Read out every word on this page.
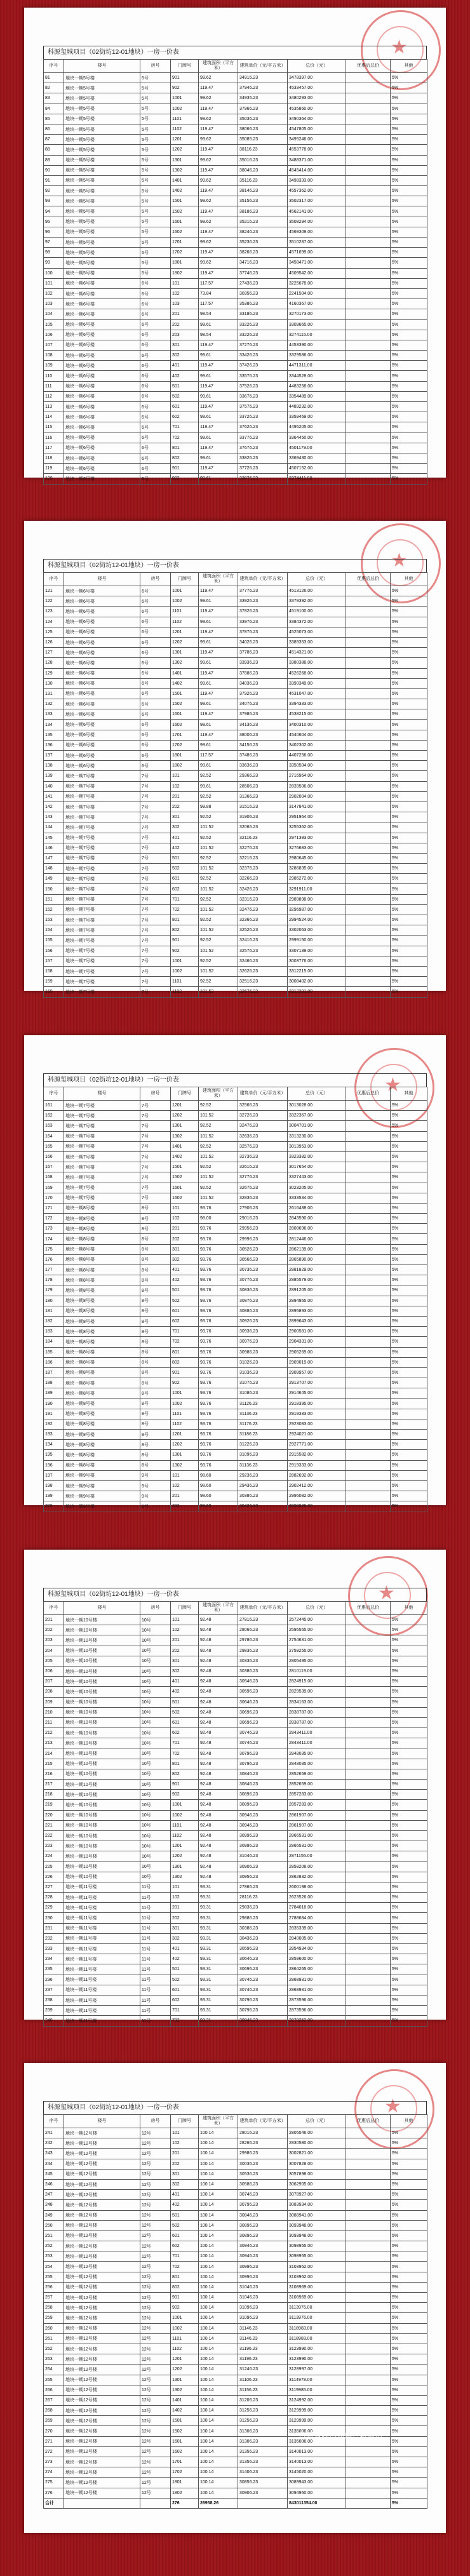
★
科源玺城项目（02街坊12-01地块）一房一价表
序号	楼号	房号	门牌号	建筑面积（平方米）	建筑单价（元/平方米）	总价（元）	优惠后总价	其他
81	地块一期5号楼	5号	901	99.62	34916.23	3478397.00		5%
82	地块一期5号楼	5号	902	119.47	37946.23	4533457.00		5%
83	地块一期5号楼	5号	1001	99.62	34935.23	3480293.00		5%
84	地块一期5号楼	5号	1002	119.47	37966.23	4535860.00		5%
85	地块一期5号楼	5号	1101	99.62	35036.23	3490364.00		5%
86	地块一期5号楼	5号	1102	119.47	38066.23	4547805.00		5%
87	地块一期5号楼	5号	1201	99.62	35085.23	3495246.00		5%
88	地块一期5号楼	5号	1202	119.47	38116.23	4553778.00		5%
89	地块一期5号楼	5号	1301	99.62	35016.23	3488371.00		5%
90	地块一期5号楼	5号	1302	119.47	38046.23	4545414.00		5%
91	地块一期5号楼	5号	1401	99.62	35116.23	3498333.00		5%
92	地块一期5号楼	5号	1402	119.47	38146.23	4557362.00		5%
93	地块一期5号楼	5号	1501	99.62	35156.23	3502317.00		5%
94	地块一期5号楼	5号	1502	119.47	38186.23	4562141.00		5%
95	地块一期5号楼	5号	1601	99.62	35216.23	3508294.00		5%
96	地块一期5号楼	5号	1602	119.47	38246.23	4569309.00		5%
97	地块一期5号楼	5号	1701	99.62	35236.23	3510287.00		5%
98	地块一期5号楼	5号	1702	119.47	38266.23	4571699.00		5%
99	地块一期5号楼	5号	1801	99.62	34716.23	3458471.00		5%
100	地块一期5号楼	5号	1802	119.47	37746.23	4509542.00		5%
101	地块一期6号楼	6号	101	117.57	27436.23	3225678.00		5%
102	地块一期6号楼	6号	102	73.84	30356.23	2241504.00		5%
103	地块一期6号楼	6号	103	117.57	35386.23	4160367.00		5%
104	地块一期6号楼	6号	201	98.54	33186.23	3270173.00		5%
105	地块一期6号楼	6号	202	99.61	33226.23	3309665.00		5%
106	地块一期6号楼	6号	203	98.54	33226.23	3274115.00		5%
107	地块一期6号楼	6号	301	119.47	37276.23	4453390.00		5%
108	地块一期6号楼	6号	302	99.61	33426.23	3329586.00		5%
109	地块一期6号楼	6号	401	119.47	37426.23	4471311.00		5%
110	地块一期6号楼	6号	402	99.61	33576.23	3344528.00		5%
111	地块一期6号楼	6号	501	119.47	37526.23	4483258.00		5%
112	地块一期6号楼	6号	502	99.61	33676.23	3354489.00		5%
113	地块一期6号楼	6号	601	119.47	37576.23	4489232.00		5%
114	地块一期6号楼	6号	602	99.61	33726.23	3359469.00		5%
115	地块一期6号楼	6号	701	119.47	37626.23	4495205.00		5%
116	地块一期6号楼	6号	702	99.61	33776.23	3364450.00		5%
117	地块一期6号楼	6号	801	119.47	37676.23	4501179.00		5%
118	地块一期6号楼	6号	802	99.61	33826.23	3369430.00		5%
119	地块一期6号楼	6号	901	119.47	37726.23	4507152.00		5%
120	地块一期6号楼	6号	902	99.61	33876.23	3374411.00		5%
★
科源玺城项目（02街坊12-01地块）一房一价表
序号	楼号	房号	门牌号	建筑面积（平方米）	建筑单价（元/平方米）	总价（元）	优惠后总价	其他
121	地块一期6号楼	6号	1001	119.47	37776.23	4513126.00		5%
122	地块一期6号楼	6号	1002	99.61	33926.23	3379392.00		5%
123	地块一期6号楼	6号	1101	119.47	37826.23	4519100.00		5%
124	地块一期6号楼	6号	1102	99.61	33976.23	3384372.00		5%
125	地块一期6号楼	6号	1201	119.47	37876.23	4525073.00		5%
126	地块一期6号楼	6号	1202	99.61	34026.23	3389353.00		5%
127	地块一期6号楼	6号	1301	119.47	37786.23	4514321.00		5%
128	地块一期6号楼	6号	1302	99.61	33936.23	3380388.00		5%
129	地块一期6号楼	6号	1401	119.47	37886.23	4526268.00		5%
130	地块一期6号楼	6号	1402	99.61	34036.23	3390349.00		5%
131	地块一期6号楼	6号	1501	119.47	37926.23	4531047.00		5%
132	地块一期6号楼	6号	1502	99.61	34076.23	3394333.00		5%
133	地块一期6号楼	6号	1601	119.47	37986.23	4538215.00		5%
134	地块一期6号楼	6号	1602	99.61	34136.23	3400310.00		5%
135	地块一期6号楼	6号	1701	119.47	38006.23	4540604.00		5%
136	地块一期6号楼	6号	1702	99.61	34156.23	3402302.00		5%
137	地块一期6号楼	6号	1801	117.57	37486.23	4407256.00		5%
138	地块一期6号楼	6号	1802	99.61	33636.23	3350504.00		5%
139	地块一期7号楼	7号	101	92.52	29366.23	2716964.00		5%
140	地块一期7号楼	7号	102	99.61	28506.23	2839506.00		5%
141	地块一期7号楼	7号	201	92.52	31366.23	2902004.00		5%
142	地块一期7号楼	7号	202	99.88	31516.23	3147841.00		5%
143	地块一期7号楼	7号	301	92.52	31906.23	2951964.00		5%
144	地块一期7号楼	7号	302	101.52	32066.23	3255362.00		5%
145	地块一期7号楼	7号	401	92.52	32116.23	2971393.00		5%
146	地块一期7号楼	7号	402	101.52	32276.23	3276683.00		5%
147	地块一期7号楼	7号	501	92.52	32216.23	2980645.00		5%
148	地块一期7号楼	7号	502	101.52	32376.23	3286835.00		5%
149	地块一期7号楼	7号	601	92.52	32266.23	2985272.00		5%
150	地块一期7号楼	7号	602	101.52	32426.23	3291911.00		5%
151	地块一期7号楼	7号	701	92.52	32316.23	2989898.00		5%
152	地块一期7号楼	7号	702	101.52	32476.23	3296987.00		5%
153	地块一期7号楼	7号	801	92.52	32366.23	2994524.00		5%
154	地块一期7号楼	7号	802	101.52	32526.23	3302063.00		5%
155	地块一期7号楼	7号	901	92.52	32416.23	2999150.00		5%
156	地块一期7号楼	7号	902	101.52	32576.23	3307139.00		5%
157	地块一期7号楼	7号	1001	92.52	32466.23	3003776.00		5%
158	地块一期7号楼	7号	1002	101.52	32626.23	3312215.00		5%
159	地块一期7号楼	7号	1101	92.52	32516.23	3008402.00		5%
160	地块一期7号楼	7号	1102	101.52	32676.23	3317291.00		5%
★
科源玺城项目（02街坊12-01地块）一房一价表
序号	楼号	房号	门牌号	建筑面积（平方米）	建筑单价（元/平方米）	总价（元）	优惠后总价	其他
161	地块一期7号楼	7号	1201	92.52	32566.23	3013028.00		5%
162	地块一期7号楼	7号	1202	101.52	32726.23	3322367.00		5%
163	地块一期7号楼	7号	1301	92.52	32476.23	3004701.00		5%
164	地块一期7号楼	7号	1302	101.52	32636.23	3313230.00		5%
165	地块一期7号楼	7号	1401	92.52	32576.23	3013953.00		5%
166	地块一期7号楼	7号	1402	101.52	32736.23	3323382.00		5%
167	地块一期7号楼	7号	1501	92.52	32616.23	3017654.00		5%
168	地块一期7号楼	7号	1502	101.52	32776.23	3327443.00		5%
169	地块一期7号楼	7号	1601	92.52	32676.23	3023205.00		5%
170	地块一期7号楼	7号	1602	101.52	32836.23	3333534.00		5%
171	地块一期8号楼	8号	101	93.76	27906.23	2616488.00		5%
172	地块一期8号楼	8号	102	98.00	29016.23	2843590.00		5%
173	地块一期8号楼	8号	201	93.76	29956.23	2808696.00		5%
174	地块一期8号楼	8号	202	93.76	29996.23	2812446.00		5%
175	地块一期8号楼	8号	301	93.76	30526.23	2862139.00		5%
176	地块一期8号楼	8号	302	93.76	30566.23	2865890.00		5%
177	地块一期8号楼	8号	401	93.76	30736.23	2881829.00		5%
178	地块一期8号楼	8号	402	93.76	30776.23	2885579.00		5%
179	地块一期8号楼	8号	501	93.76	30836.23	2891205.00		5%
180	地块一期8号楼	8号	502	93.76	30876.23	2894955.00		5%
181	地块一期8号楼	8号	601	93.76	30886.23	2895893.00		5%
182	地块一期8号楼	8号	602	93.76	30926.23	2899643.00		5%
183	地块一期8号楼	8号	701	93.76	30936.23	2900581.00		5%
184	地块一期8号楼	8号	702	93.76	30976.23	2904331.00		5%
185	地块一期8号楼	8号	801	93.76	30986.23	2905269.00		5%
186	地块一期8号楼	8号	802	93.76	31026.23	2909019.00		5%
187	地块一期8号楼	8号	901	93.76	31036.23	2909957.00		5%
188	地块一期8号楼	8号	902	93.76	31076.23	2913707.00		5%
189	地块一期8号楼	8号	1001	93.76	31086.23	2914645.00		5%
190	地块一期8号楼	8号	1002	93.76	31126.23	2918395.00		5%
191	地块一期8号楼	8号	1101	93.76	31136.23	2919333.00		5%
192	地块一期8号楼	8号	1102	93.76	31176.23	2923083.00		5%
193	地块一期8号楼	8号	1201	93.76	31186.23	2924021.00		5%
194	地块一期8号楼	8号	1202	93.76	31226.23	2927771.00		5%
195	地块一期8号楼	8号	1301	93.76	31096.23	2915582.00		5%
196	地块一期8号楼	8号	1302	93.76	31136.23	2919333.00		5%
197	地块一期9号楼	9号	101	98.60	29236.23	2882692.00		5%
198	地块一期9号楼	9号	102	98.60	29436.23	2902412.00		5%
199	地块一期9号楼	9号	201	98.60	30386.23	2996082.00		5%
200	地块一期9号楼	9号	202	98.60	30426.23	3000026.00		5%
★
科源玺城项目（02街坊12-01地块）一房一价表
序号	楼号	房号	门牌号	建筑面积（平方米）	建筑单价（元/平方米）	总价（元）	优惠后总价	其他
201	地块一期10号楼	10号	101	92.48	27816.23	2572445.00		5%
202	地块一期10号楼	10号	102	92.48	28066.23	2595565.00		5%
203	地块一期10号楼	10号	201	92.48	29786.23	2754631.00		5%
204	地块一期10号楼	10号	202	92.48	29836.23	2759255.00		5%
205	地块一期10号楼	10号	301	92.48	30336.23	2805495.00		5%
206	地块一期10号楼	10号	302	92.48	30386.23	2810119.00		5%
207	地块一期10号楼	10号	401	92.48	30546.23	2824915.00		5%
208	地块一期10号楼	10号	402	92.48	30596.23	2829539.00		5%
209	地块一期10号楼	10号	501	92.48	30646.23	2834163.00		5%
210	地块一期10号楼	10号	502	92.48	30696.23	2838787.00		5%
211	地块一期10号楼	10号	601	92.48	30696.23	2838787.00		5%
212	地块一期10号楼	10号	602	92.48	30746.23	2843411.00		5%
213	地块一期10号楼	10号	701	92.48	30746.23	2843411.00		5%
214	地块一期10号楼	10号	702	92.48	30796.23	2848035.00		5%
215	地块一期10号楼	10号	801	92.48	30796.23	2848035.00		5%
216	地块一期10号楼	10号	802	92.48	30846.23	2852659.00		5%
217	地块一期10号楼	10号	901	92.48	30846.23	2852659.00		5%
218	地块一期10号楼	10号	902	92.48	30896.23	2857283.00		5%
219	地块一期10号楼	10号	1001	92.48	30896.23	2857283.00		5%
220	地块一期10号楼	10号	1002	92.48	30946.23	2861907.00		5%
221	地块一期10号楼	10号	1101	92.48	30946.23	2861907.00		5%
222	地块一期10号楼	10号	1102	92.48	30996.23	2866531.00		5%
223	地块一期10号楼	10号	1201	92.48	30996.23	2866531.00		5%
224	地块一期10号楼	10号	1202	92.48	31046.23	2871155.00		5%
225	地块一期10号楼	10号	1301	92.48	30906.23	2858208.00		5%
226	地块一期10号楼	10号	1302	92.48	30956.23	2862832.00		5%
227	地块一期11号楼	11号	101	93.31	27866.23	2600198.00		5%
228	地块一期11号楼	11号	102	93.31	28116.23	2623526.00		5%
229	地块一期11号楼	11号	201	93.31	29836.23	2784018.00		5%
230	地块一期11号楼	11号	202	93.31	29886.23	2788684.00		5%
231	地块一期11号楼	11号	301	93.31	30386.23	2835339.00		5%
232	地块一期11号楼	11号	302	93.31	30436.23	2840005.00		5%
233	地块一期11号楼	11号	401	93.31	30596.23	2854934.00		5%
234	地块一期11号楼	11号	402	93.31	30646.23	2859600.00		5%
235	地块一期11号楼	11号	501	93.31	30696.23	2864265.00		5%
236	地块一期11号楼	11号	502	93.31	30746.23	2868931.00		5%
237	地块一期11号楼	11号	601	93.31	30746.23	2868931.00		5%
238	地块一期11号楼	11号	602	93.31	30796.23	2873596.00		5%
239	地块一期11号楼	11号	701	93.31	30796.23	2873596.00		5%
240	地块一期11号楼	11号	702	93.31	30846.23	2878262.00		5%
★
科源玺城项目（02街坊12-01地块）一房一价表
序号	楼号	房号	门牌号	建筑面积（平方米）	建筑单价（元/平方米）	总价（元）	优惠后总价	其他
241	地块一期12号楼	12号	101	100.14	28016.23	2805546.00		5%
242	地块一期12号楼	12号	102	100.14	28266.23	2830580.00		5%
243	地块一期12号楼	12号	201	100.14	29986.23	3002821.00		5%
244	地块一期12号楼	12号	202	100.14	30036.23	3007828.00		5%
245	地块一期12号楼	12号	301	100.14	30536.23	3057898.00		5%
246	地块一期12号楼	12号	302	100.14	30586.23	3062905.00		5%
247	地块一期12号楼	12号	401	100.14	30746.23	3078927.00		5%
248	地块一期12号楼	12号	402	100.14	30796.23	3083934.00		5%
249	地块一期12号楼	12号	501	100.14	30846.23	3088941.00		5%
250	地块一期12号楼	12号	502	100.14	30896.23	3093948.00		5%
251	地块一期12号楼	12号	601	100.14	30896.23	3093948.00		5%
252	地块一期12号楼	12号	602	100.14	30946.23	3098955.00		5%
253	地块一期12号楼	12号	701	100.14	30946.23	3098955.00		5%
254	地块一期12号楼	12号	702	100.14	30996.23	3103962.00		5%
255	地块一期12号楼	12号	801	100.14	30996.23	3103962.00		5%
256	地块一期12号楼	12号	802	100.14	31046.23	3108969.00		5%
257	地块一期12号楼	12号	901	100.14	31046.23	3108969.00		5%
258	地块一期12号楼	12号	902	100.14	31096.23	3113976.00		5%
259	地块一期12号楼	12号	1001	100.14	31096.23	3113976.00		5%
260	地块一期12号楼	12号	1002	100.14	31146.23	3118983.00		5%
261	地块一期12号楼	12号	1101	100.14	31146.23	3118983.00		5%
262	地块一期12号楼	12号	1102	100.14	31196.23	3123990.00		5%
263	地块一期12号楼	12号	1201	100.14	31196.23	3123990.00		5%
264	地块一期12号楼	12号	1202	100.14	31246.23	3128997.00		5%
265	地块一期12号楼	12号	1301	100.14	31106.23	3114978.00		5%
266	地块一期12号楼	12号	1302	100.14	31156.23	3119985.00		5%
267	地块一期12号楼	12号	1401	100.14	31206.23	3124992.00		5%
268	地块一期12号楼	12号	1402	100.14	31256.23	3129999.00		5%
269	地块一期12号楼	12号	1501	100.14	31256.23	3129999.00		5%
270	地块一期12号楼	12号	1502	100.14	31306.23	3135006.00		5%
271	地块一期12号楼	12号	1601	100.14	31306.23	3135006.00		5%
272	地块一期12号楼	12号	1602	100.14	31356.23	3140013.00		5%
273	地块一期12号楼	12号	1701	100.14	31356.23	3140013.00		5%
274	地块一期12号楼	12号	1702	100.14	31406.23	3145020.00		5%
275	地块一期12号楼	12号	1801	100.14	30856.23	3089943.00		5%
276	地块一期12号楼	12号	1802	100.14	30906.23	3094950.00		5%
合计			276	26958.26		843011354.00		5%
搜狐号@搜狐焦点新疆站
